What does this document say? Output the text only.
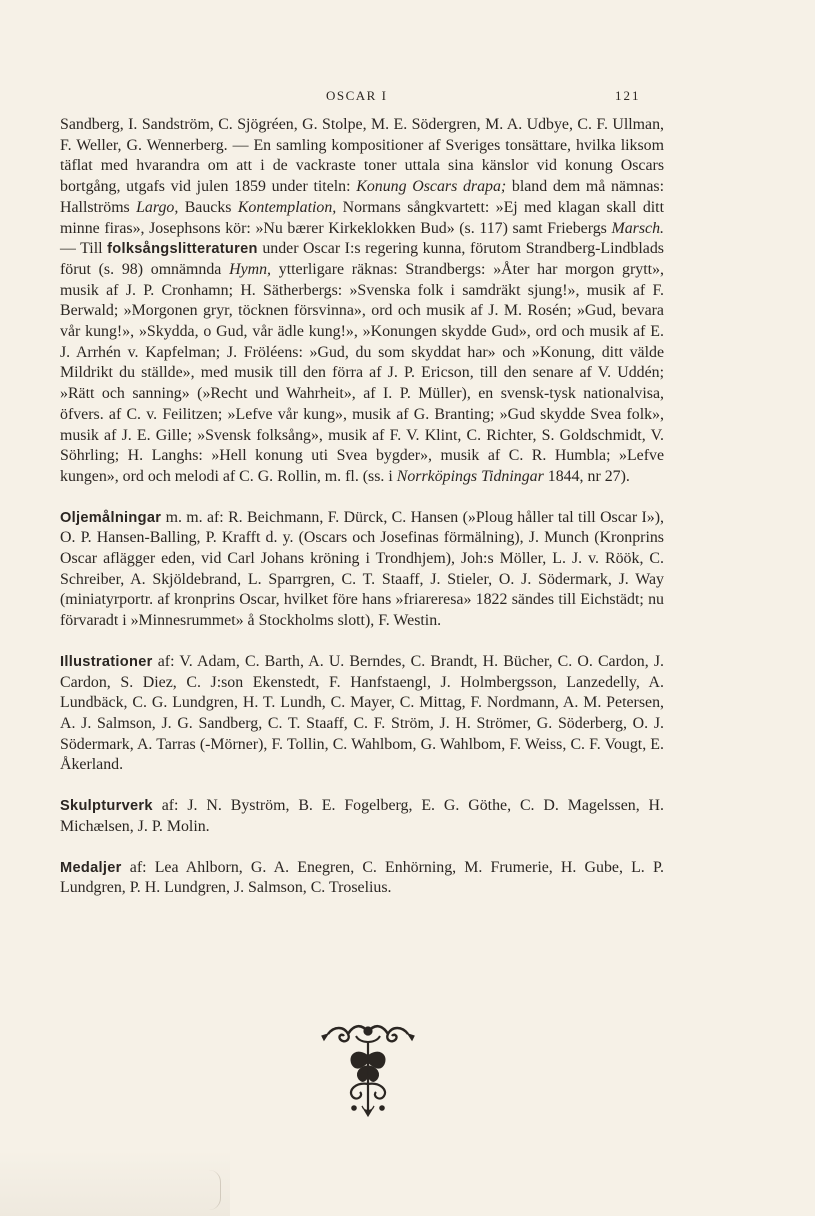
OSCAR I	121

Sandberg, I. Sandström, C. Sjögréen, G. Stolpe, M. E. Södergren, M. A. Udbye, C. F. Ullman, F. Weller, G. Wennerberg. — En samling kompositioner af Sveriges tonsättare, hvilka liksom täflat med hvarandra om att i de vackraste toner uttala sina känslor vid konung Oscars bortgång, utgafs vid julen 1859 under titeln: Konung Oscars drapa; bland dem må nämnas: Hallströms Largo, Baucks Kontemplation, Normans sångkvartett: »Ej med klagan skall ditt minne firas», Josephsons kör: »Nu bærer Kirkeklokken Bud» (s. 117) samt Friebergs Marsch. — Till folksångslitteraturen under Oscar I:s regering kunna, förutom Strandberg-Lindblads förut (s. 98) omnämnda Hymn, ytterligare räknas: Strandbergs: »Åter har morgon grytt», musik af J. P. Cronhamn; H. Sätherbergs: »Svenska folk i samdräkt sjung!», musik af F. Berwald; »Morgonen gryr, töcknen försvinna», ord och musik af J. M. Rosén; »Gud, bevara vår kung!», »Skydda, o Gud, vår ädle kung!», »Konungen skydde Gud», ord och musik af E. J. Arrhén v. Kapfelman; J. Fröléens: »Gud, du som skyddat har» och »Konung, ditt välde Mildrikt du ställde», med musik till den förra af J. P. Ericson, till den senare af V. Uddén; »Rätt och sanning» (»Recht und Wahrheit», af I. P. Müller), en svensk-tysk nationalvisa, öfvers. af C. v. Feilitzen; »Lefve vår kung», musik af G. Branting; »Gud skydde Svea folk», musik af J. E. Gille; »Svensk folksång», musik af F. V. Klint, C. Richter, S. Goldschmidt, V. Söhrling; H. Langhs: »Hell konung uti Svea bygder», musik af C. R. Humbla; »Lefve kungen», ord och melodi af C. G. Rollin, m. fl. (ss. i Norrköpings Tidningar 1844, nr 27).

Oljemålningar m. m. af: R. Beichmann, F. Dürck, C. Hansen (»Ploug håller tal till Oscar I»), O. P. Hansen-Balling, P. Krafft d. y. (Oscars och Josefinas förmälning), J. Munch (Kronprins Oscar aflägger eden, vid Carl Johans kröning i Trondhjem), Joh:s Möller, L. J. v. Röök, C. Schreiber, A. Skjöldebrand, L. Sparrgren, C. T. Staaff, J. Stieler, O. J. Södermark, J. Way (miniatyrportr. af kronprins Oscar, hvilket före hans »friareresa» 1822 sändes till Eichstädt; nu förvaradt i »Minnesrummet» å Stockholms slott), F. Westin.

Illustrationer af: V. Adam, C. Barth, A. U. Berndes, C. Brandt, H. Bücher, C. O. Cardon, J. Cardon, S. Diez, C. J:son Ekenstedt, F. Hanfstaengl, J. Holmbergsson, Lanzedelly, A. Lundbäck, C. G. Lundgren, H. T. Lundh, C. Mayer, C. Mittag, F. Nordmann, A. M. Petersen, A. J. Salmson, J. G. Sandberg, C. T. Staaff, C. F. Ström, J. H. Strömer, G. Söderberg, O. J. Södermark, A. Tarras (-Mörner), F. Tollin, C. Wahlbom, G. Wahlbom, F. Weiss, C. F. Vougt, E. Åkerland.

Skulpturverk af: J. N. Byström, B. E. Fogelberg, E. G. Göthe, C. D. Magelssen, H. Michælsen, J. P. Molin.

Medaljer af: Lea Ahlborn, G. A. Enegren, C. Enhörning, M. Frumerie, H. Gube, L. P. Lundgren, P. H. Lundgren, J. Salmson, C. Troselius.
